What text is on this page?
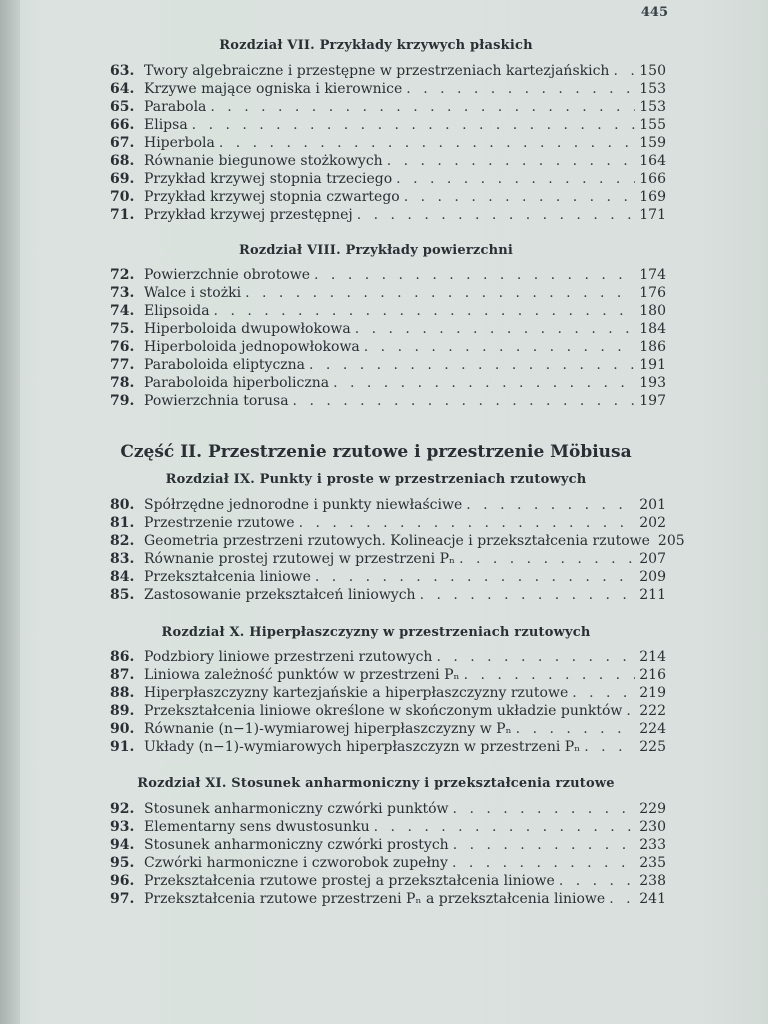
445
Rozdział VII. Przykłady krzywych płaskich
63. Twory algebraiczne i przestępne w przestrzeniach kartezjańskich . . . 150
64. Krzywe mające ogniska i kierownice . . .	153
65. Parabola . . .	153
66. Elipsa . . .	155
67. Hiperbola . . .	159
68. Równanie biegunowe stożkowych . . .	164
69. Przykład krzywej stopnia trzeciego . . .	166
70. Przykład krzywej stopnia czwartego . . .	169
71. Przykład krzywej przestępnej . . .	171
Rozdział VIII. Przykłady powierzchni
72. Powierzchnie obrotowe . . .	174
73. Walce i stożki . . .	176
74. Elipsoida . . .	180
75. Hiperboloida dwupowłokowa . . .	184
76. Hiperboloida jednopowłokowa . . .	186
77. Paraboloida eliptyczna . . .	191
78. Paraboloida hiperboliczna . . .	193
79. Powierzchnia torusa . . .	197
Część II. Przestrzenie rzutowe i przestrzenie Möbiusa
Rozdział IX. Punkty i proste w przestrzeniach rzutowych
80. Spółrzędne jednorodne i punkty niewłaściwe . . .	201
81. Przestrzenie rzutowe . . .	202
82. Geometria przestrzeni rzutowych. Kolineacje i przekształcenia rzutowe 205
83. Równanie prostej rzutowej w przestrzeni Pₙ . . .	207
84. Przekształcenia liniowe . . .	209
85. Zastosowanie przekształceń liniowych . . .	211
Rozdział X. Hiperpłaszczyzny w przestrzeniach rzutowych
86. Podzbiory liniowe przestrzeni rzutowych . . .	214
87. Liniowa zależność punktów w przestrzeni Pₙ . . .	216
88. Hiperpłaszczyzny kartezjańskie a hiperpłaszczyzny rzutowe . . .	219
89. Przekształcenia liniowe określone w skończonym układzie punktów . . . 222
90. Równanie (n−1)-wymiarowej hiperpłaszczyzny w Pₙ . . .	224
91. Układy (n−1)-wymiarowych hiperpłaszczyzn w przestrzeni Pₙ . . .	225
Rozdział XI. Stosunek anharmoniczny i przekształcenia rzutowe
92. Stosunek anharmoniczny czwórki punktów . . .	229
93. Elementarny sens dwustosunku . . .	230
94. Stosunek anharmoniczny czwórki prostych . . .	233
95. Czwórki harmoniczne i czworobok zupełny . . .	235
96. Przekształcenia rzutowe prostej a przekształcenia liniowe . . .	238
97. Przekształcenia rzutowe przestrzeni Pₙ a przekształcenia liniowe . . . 241
